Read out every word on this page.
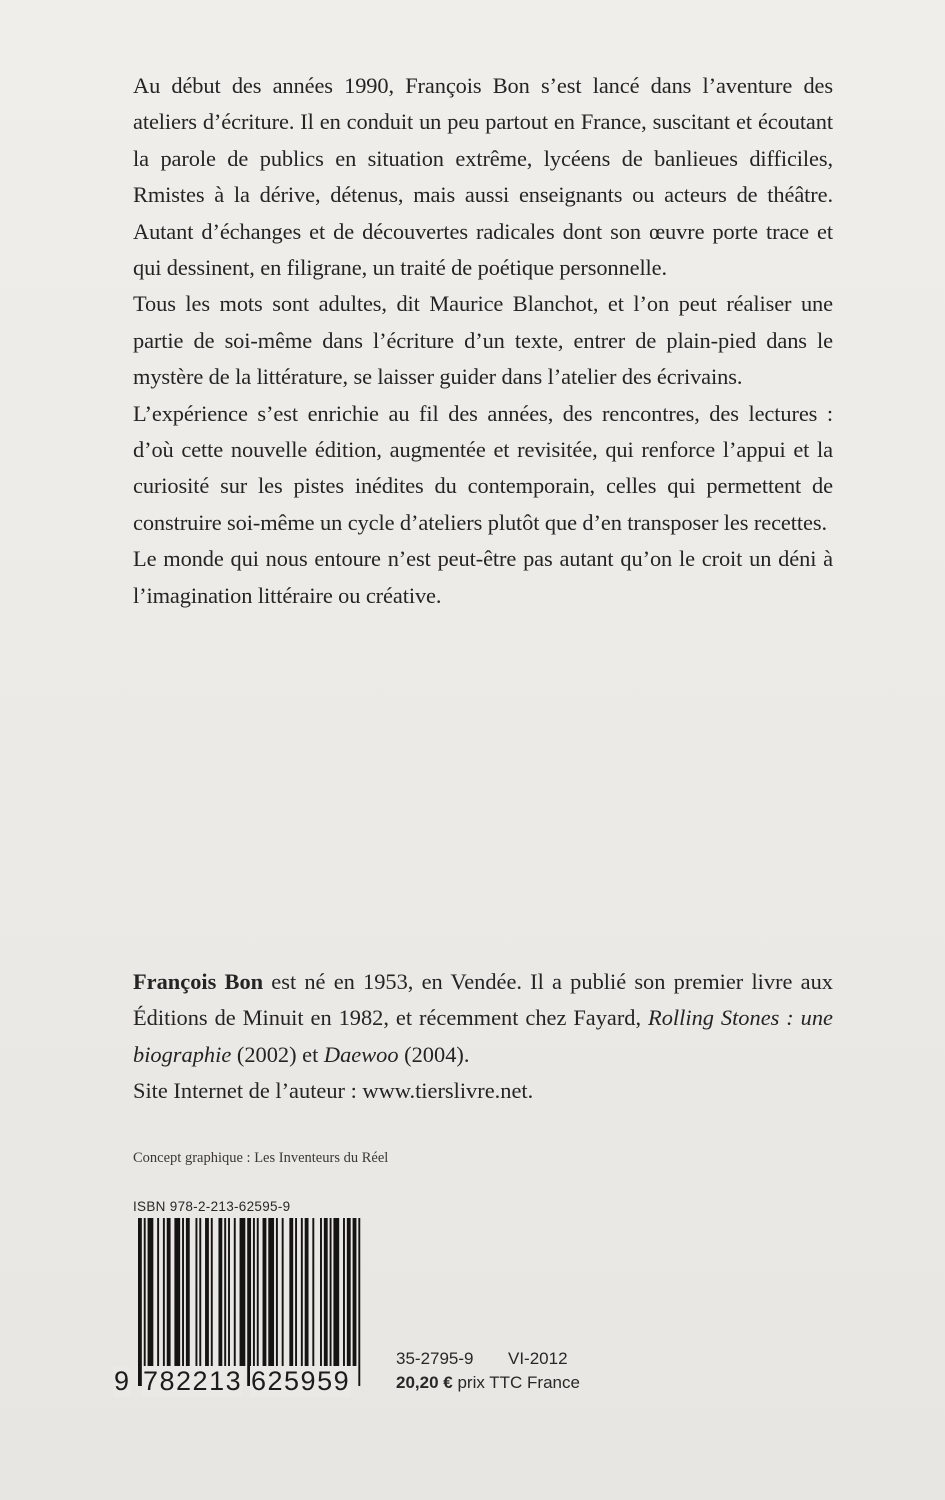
Au début des années 1990, François Bon s’est lancé dans l’aventure des ateliers d’écriture. Il en conduit un peu partout en France, suscitant et écoutant la parole de publics en situation extrême, lycéens de banlieues difficiles, Rmistes à la dérive, détenus, mais aussi enseignants ou acteurs de théâtre. Autant d’échanges et de découvertes radicales dont son œuvre porte trace et qui dessinent, en filigrane, un traité de poétique personnelle.

Tous les mots sont adultes, dit Maurice Blanchot, et l’on peut réaliser une partie de soi-même dans l’écriture d’un texte, entrer de plain-pied dans le mystère de la littérature, se laisser guider dans l’atelier des écrivains.

L’expérience s’est enrichie au fil des années, des rencontres, des lectures : d’où cette nouvelle édition, augmentée et revisitée, qui renforce l’appui et la curiosité sur les pistes inédites du contemporain, celles qui permettent de construire soi-même un cycle d’ateliers plutôt que d’en transposer les recettes.

Le monde qui nous entoure n’est peut-être pas autant qu’on le croit un déni à l’imagination littéraire ou créative.

François Bon est né en 1953, en Vendée. Il a publié son premier livre aux Éditions de Minuit en 1982, et récemment chez Fayard, Rolling Stones : une biographie (2002) et Daewoo (2004).

Site Internet de l’auteur : www.tierslivre.net.

Concept graphique : Les Inventeurs du Réel
ISBN 978-2-213-62595-9
9 782213 625959
35-2795-9 VI-2012
20,20 € prix TTC France
